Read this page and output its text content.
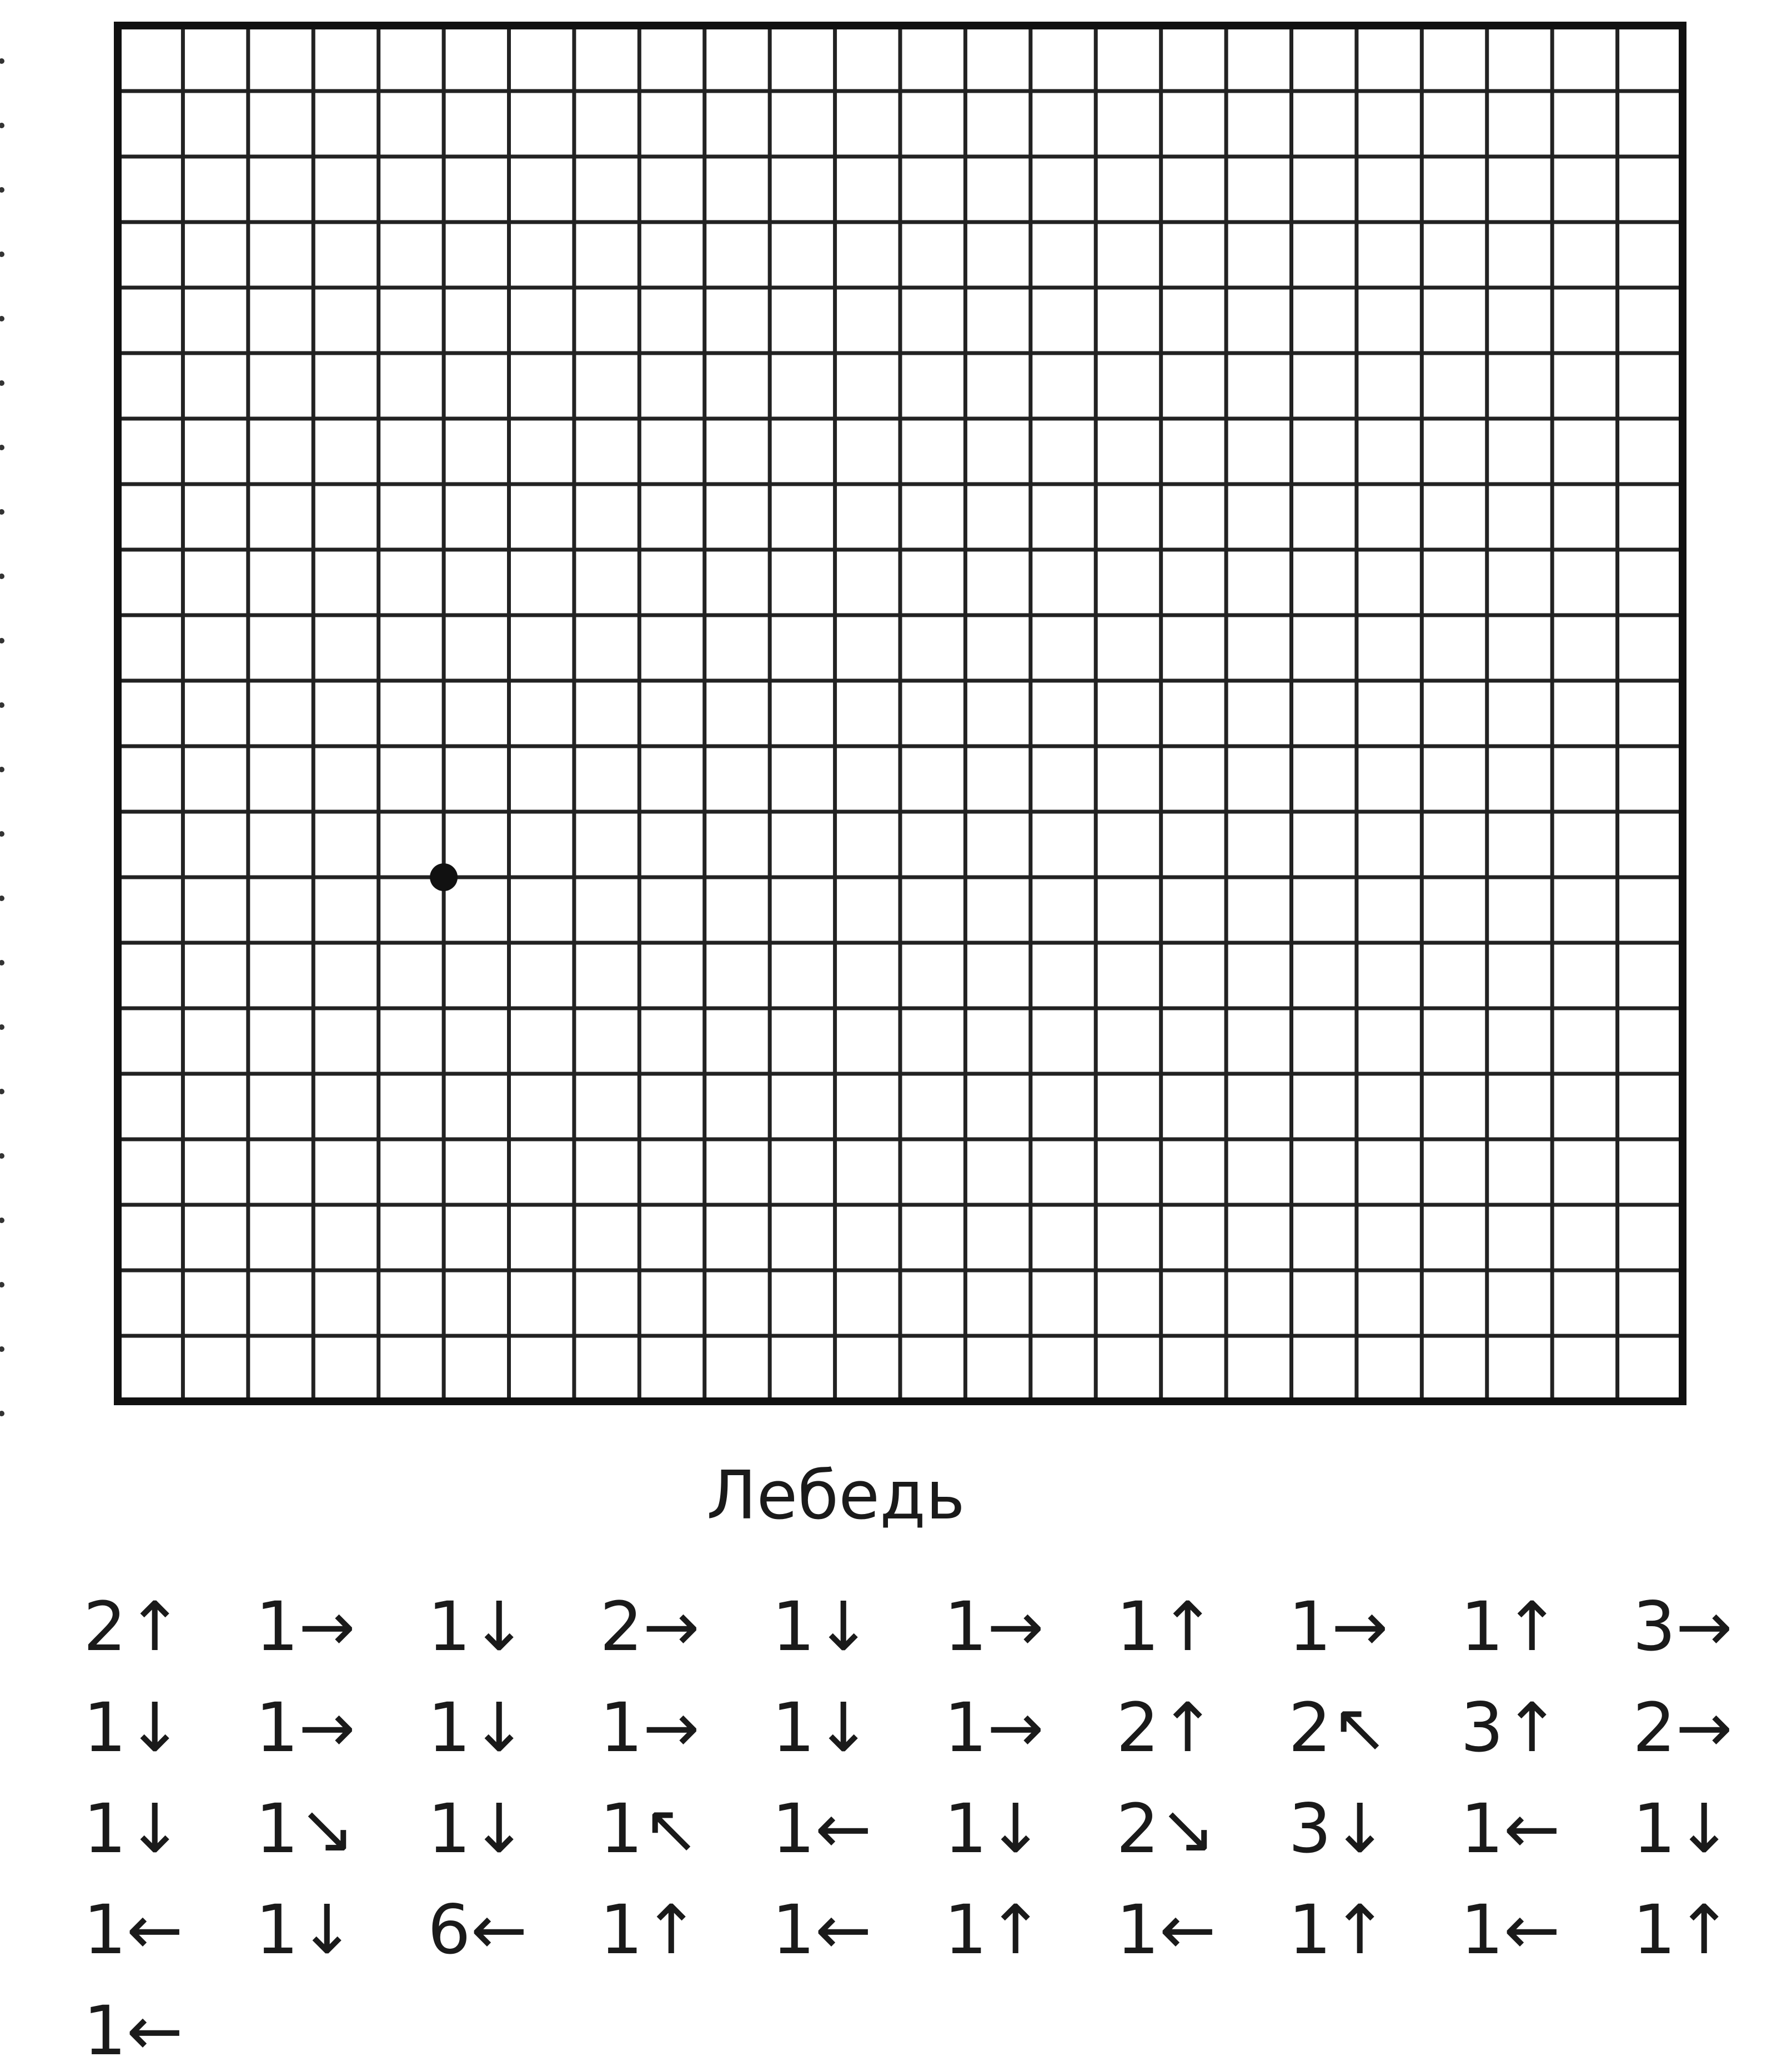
Лебедь
2↑ 1→ 1↓ 2→ 1↓ 1→ 1↑ 1→ 1↑ 3→
1↓ 1→ 1↓ 1→ 1↓ 1→ 2↑ 2↖ 3↑ 2→
1↓ 1↘ 1↓ 1↖ 1← 1↓ 2↘ 3↓ 1← 1↓
1← 1↓ 6← 1↑ 1← 1↑ 1← 1↑ 1← 1↑
1←
